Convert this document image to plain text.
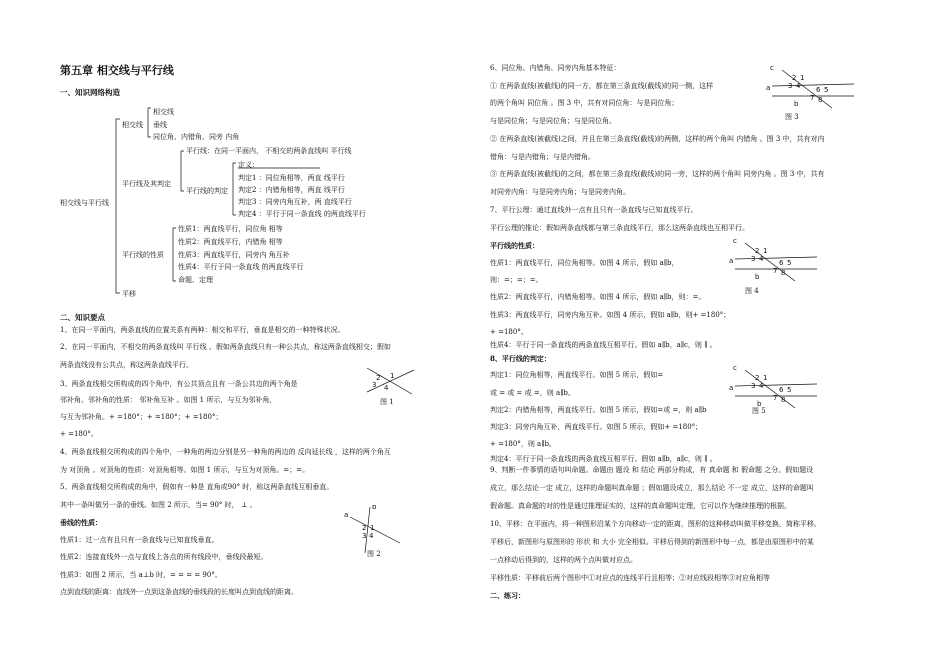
第五章 相交线与平行线
一、知识网络构造
相交线与平行线
相交线
相交线
垂线
同位角、内错角、同旁 内角
平行线及其判定
平行线：在同一平面内， 不相交的两条直线叫 平行线
平行线的判定
定义：
判定1 ：同位角相等，两直 线平行
判定2 ：内错角相等，两直 线平行
判定3 ：同旁内角互补，两 直线平行
判定4 ：平行于同一条直线 的两直线平行
平行线的性质
性质1：两直线平行，同位角 相等
性质2：两直线平行，内错角 相等
性质3：两直线平行，同旁内 角互补
性质4：平行于同一条直线 的两直线平行
命题、定理
平移
二、知识要点
1、在同一平面内，两条直线的位置关系有两种：相交和平行，垂直是相交的一种特殊状况。
2、在同一平面内，不相交的两条直线叫 平行线 。假如两条直线只有一种公共点，称这两条直线相交；假如
两条直线没有公共点，称这两条直线平行。
3、两条直线相交所构成的四个角中，有公共顶点且有 一条公共边的两个角是
邻补角。邻补角的性质： 邻补角互补 。如图 1 所示，与互为邻补角，
与互为邻补角。+ =180°；+ =180°；+ =180°；
+ =180°。
4、两条直线相交所构成的四个角中，一种角的两边分别是另一种角的两边的 反向延长线 ，这样的两个角互
为 对顶角 。对顶角的性质：对顶角相等。如图 1 所示，与互为对顶角。=；=。
5、两条直线相交所构成的角中，假如有一种是 直角或90° 时，称这两条直线互相垂直。
其中一条叫做另一条的垂线。如图 2 所示，当= 90° 时， ⊥ 。
垂线的性质：
性质1：过一点有且只有一条直线与已知直线垂直。
性质2：连接直线外一点与直线上各点的所有线段中，垂线段最短。
性质3：如图 2 所示，当 a⊥b 时，= = = = 90°。
点到直线的距离：直线外一点到这条直线的垂线段的长度叫点到直线的距离。
2 1
3 4
图 1
a
b
2 1
3 4
图 2
6、同位角、内错角、同旁内角基本特征：
① 在两条直线(被截线)的同一方，都在第三条直线(截线)的同一侧，这样
的两个角叫 同位角 。图 3 中，共有对同位角：与是同位角；
与是同位角；与是同位角；与是同位角。
② 在两条直线(被截线)之间，并且在第三条直线(截线)的两侧，这样的两个角叫 内错角 。图 3 中，共有对内
错角：与是内错角；与是内错角。
③ 在两条直线(被截线)的之间，都在第三条直线(截线)的同一旁，这样的两个角叫 同旁内角 。图 3 中，共有
对同旁内角：与是同旁内角；与是同旁内角。
7、平行公理：通过直线外一点有且只有一条直线与已知直线平行。
平行公理的推论：假如两条直线都与第三条直线平行，那么这两条直线也互相平行。
平行线的性质：
性质1：两直线平行，同位角相等。如图 4 所示，假如 a∥b，
则：=；=；=。
性质2：两直线平行，内错角相等。如图 4 所示，假如 a∥b，则：=。
性质3：两直线平行，同旁内角互补。如图 4 所示，假如 a∥b，则+ =180°；
+ =180°。
性质4：平行于同一条直线的两条直线互相平行。假如 a∥b，a∥c，则 ∥ 。
8、平行线的判定：
判定1：同位角相等，两直线平行。如图 5 所示，假如=
或 = 或 = 或 =，则 a∥b。
判定2：内错角相等，两直线平行。如图 5 所示，假如=或 =，则 a∥b
判定3：同旁内角互补，两直线平行。如图 5 所示，假如+ =180°；
+ =180°，则 a∥b。
判定4：平行于同一条直线的两条直线互相平行。假如 a∥b，a∥c，则 ∥ 。
9、判断一件事情的语句叫命题。命题由 题设 和 结论 两部分构成，有 真命题 和 假命题 之分。假如题设
成立，那么结论一定 成立，这样的命题叫真命题 ；假如题设成立，那么结论 不一定 成立，这样的命题叫
假命题。真命题的对的性是通过推理证实的，这样的真命题叫定理，它可以作为继续推理的根据。
10、平移：在平面内，将一种图形沿某个方向移动一定的距离，图形的这种移动叫做平移变换，简称平移。
平移后，新图形与原图形的 形状 和 大小 完全相似。平移后得到的新图形中每一点，都是由原图形中的某
一点移动后得到的，这样的两个点叫做对应点。
平移性质：平移前后两个图形中①对应点的连线平行且相等；②对应线段相等③对应角相等
二、练习：
c
a
b
2 1
3 4 6 5
7 8
图 3
c
a
b
2 1
3 4 6 5
7 8
图 4
c
a
b
2 1
3 4 6 5
7 8
图 5
